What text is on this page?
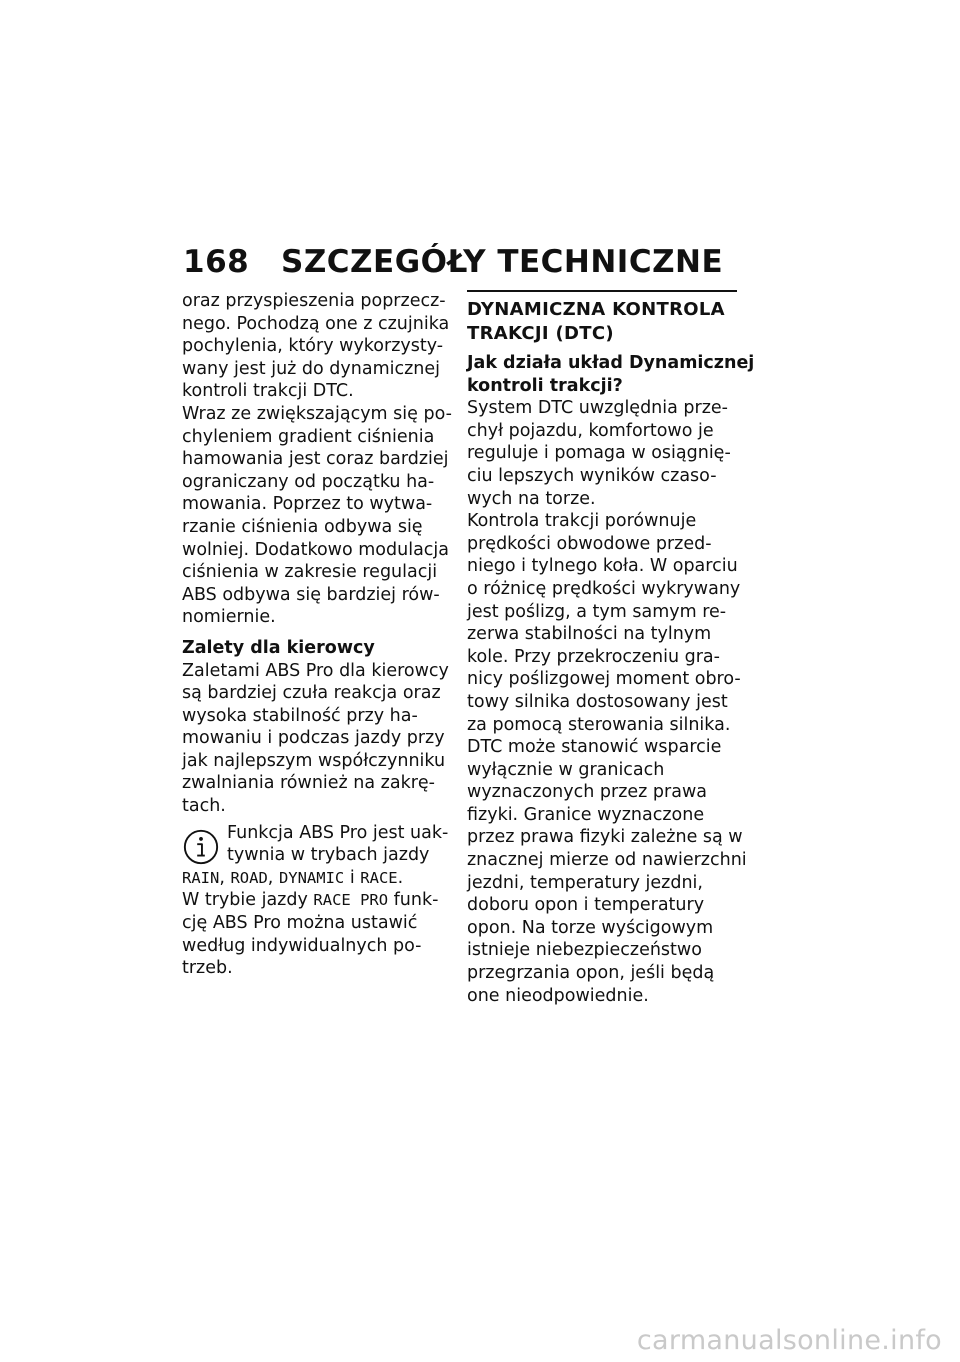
168 SZCZEGÓŁY TECHNICZNE
oraz przyspieszenia poprzecz-
nego. Pochodzą one z czujnika
pochylenia, który wykorzysty-
wany jest już do dynamicznej
kontroli trakcji DTC.
Wraz ze zwiększającym się po-
chyleniem gradient ciśnienia
hamowania jest coraz bardziej
ograniczany od początku ha-
mowania. Poprzez to wytwa-
rzanie ciśnienia odbywa się
wolniej. Dodatkowo modulacja
ciśnienia w zakresie regulacji
ABS odbywa się bardziej rów-
nomiernie.
Zalety dla kierowcy
Zaletami ABS Pro dla kierowcy
są bardziej czuła reakcja oraz
wysoka stabilność przy ha-
mowaniu i podczas jazdy przy
jak najlepszym współczynniku
zwalniania również na zakrę-
tach.
Funkcja ABS Pro jest uak-
tywnia w trybach jazdy
RAIN, ROAD, DYNAMIC i RACE.
W trybie jazdy RACE PRO funk-
cję ABS Pro można ustawić
według indywidualnych po-
trzeb.
DYNAMICZNA KONTROLA
TRAKCJI (DTC)
Jak działa układ Dynamicznej
kontroli trakcji?
System DTC uwzględnia prze-
chył pojazdu, komfortowo je
reguluje i pomaga w osiągnię-
ciu lepszych wyników czaso-
wych na torze.
Kontrola trakcji porównuje
prędkości obwodowe przed-
niego i tylnego koła. W oparciu
o różnicę prędkości wykrywany
jest poślizg, a tym samym re-
zerwa stabilności na tylnym
kole. Przy przekroczeniu gra-
nicy poślizgowej moment obro-
towy silnika dostosowany jest
za pomocą sterowania silnika.
DTC może stanowić wsparcie
wyłącznie w granicach
wyznaczonych przez prawa
fizyki. Granice wyznaczone
przez prawa fizyki zależne są w
znacznej mierze od nawierzchni
jezdni, temperatury jezdni,
doboru opon i temperatury
opon. Na torze wyścigowym
istnieje niebezpieczeństwo
przegrzania opon, jeśli będą
one nieodpowiednie.
carmanualsonline.info
